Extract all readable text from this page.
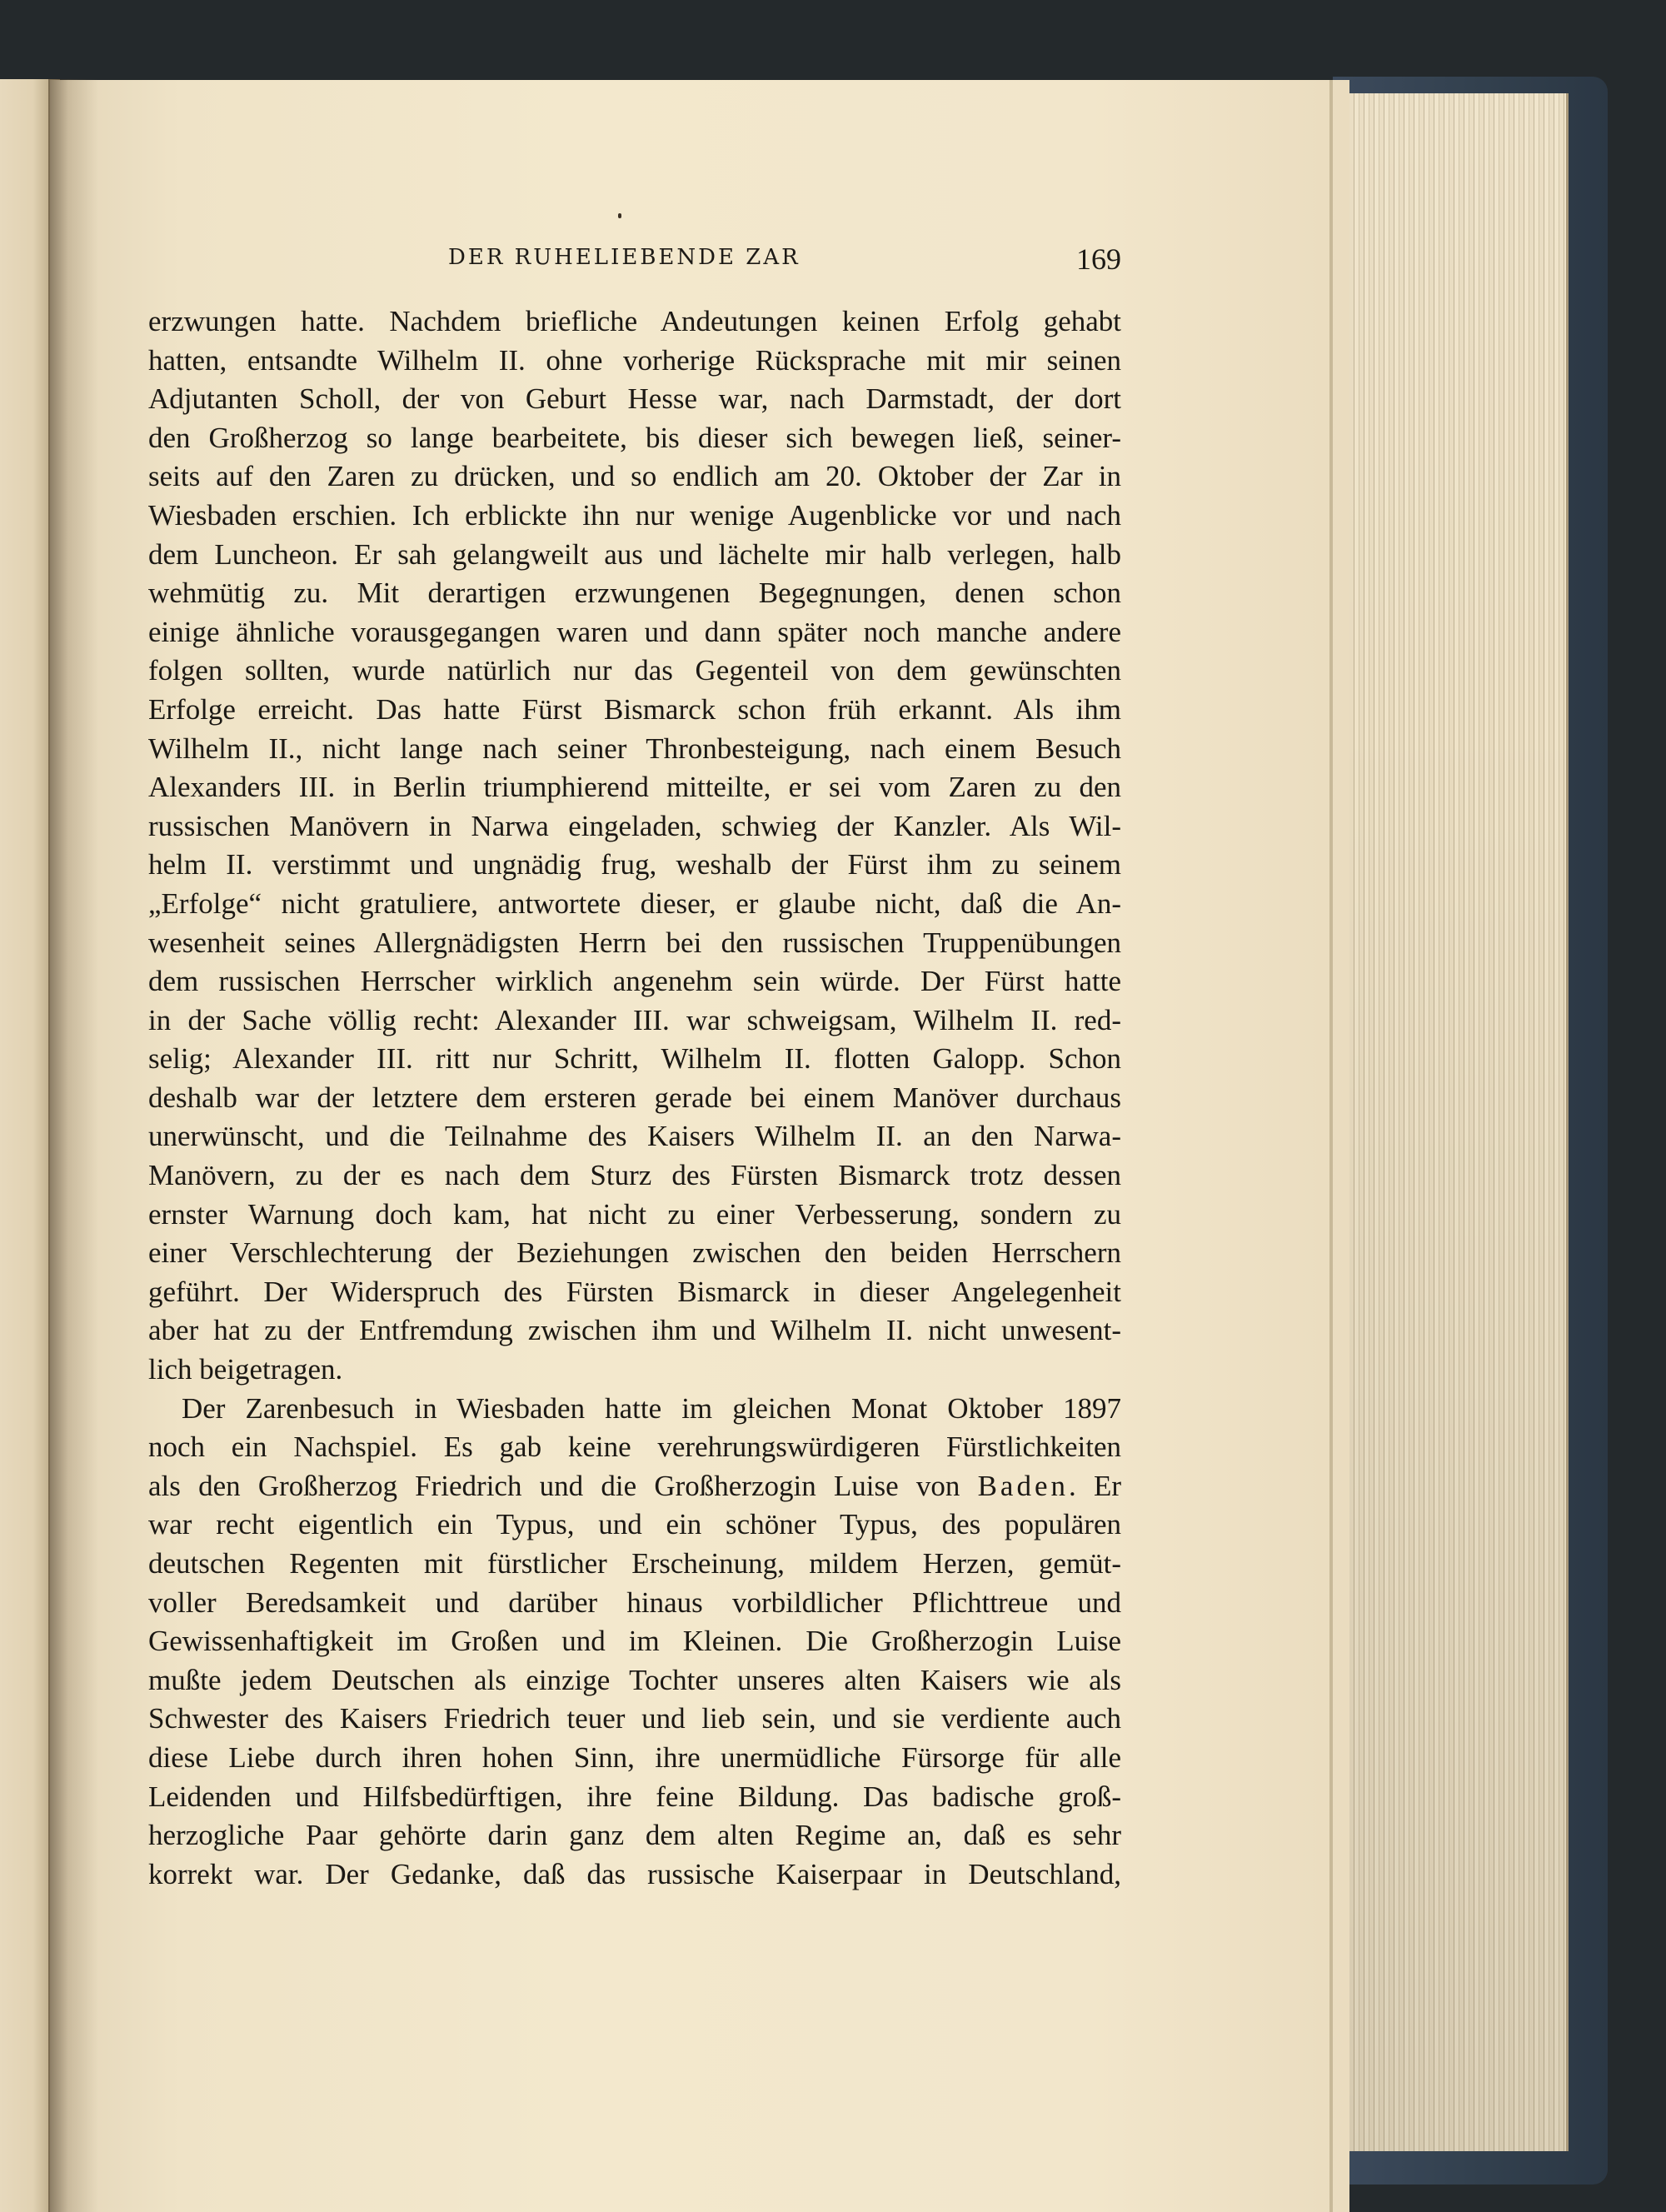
DER RUHELIEBENDE ZAR	169
erzwungen hatte. Nachdem briefliche Andeutungen keinen Erfolg gehabt
hatten, entsandte Wilhelm II. ohne vorherige Rücksprache mit mir seinen
Adjutanten Scholl, der von Geburt Hesse war, nach Darmstadt, der dort
den Großherzog so lange bearbeitete, bis dieser sich bewegen ließ, seiner-
seits auf den Zaren zu drücken, und so endlich am 20. Oktober der Zar in
Wiesbaden erschien. Ich erblickte ihn nur wenige Augenblicke vor und nach
dem Luncheon. Er sah gelangweilt aus und lächelte mir halb verlegen, halb
wehmütig zu. Mit derartigen erzwungenen Begegnungen, denen schon
einige ähnliche vorausgegangen waren und dann später noch manche andere
folgen sollten, wurde natürlich nur das Gegenteil von dem gewünschten
Erfolge erreicht. Das hatte Fürst Bismarck schon früh erkannt. Als ihm
Wilhelm II., nicht lange nach seiner Thronbesteigung, nach einem Besuch
Alexanders III. in Berlin triumphierend mitteilte, er sei vom Zaren zu den
russischen Manövern in Narwa eingeladen, schwieg der Kanzler. Als Wil-
helm II. verstimmt und ungnädig frug, weshalb der Fürst ihm zu seinem
„Erfolge“ nicht gratuliere, antwortete dieser, er glaube nicht, daß die An-
wesenheit seines Allergnädigsten Herrn bei den russischen Truppenübungen
dem russischen Herrscher wirklich angenehm sein würde. Der Fürst hatte
in der Sache völlig recht: Alexander III. war schweigsam, Wilhelm II. red-
selig; Alexander III. ritt nur Schritt, Wilhelm II. flotten Galopp. Schon
deshalb war der letztere dem ersteren gerade bei einem Manöver durchaus
unerwünscht, und die Teilnahme des Kaisers Wilhelm II. an den Narwa-
Manövern, zu der es nach dem Sturz des Fürsten Bismarck trotz dessen
ernster Warnung doch kam, hat nicht zu einer Verbesserung, sondern zu
einer Verschlechterung der Beziehungen zwischen den beiden Herrschern
geführt. Der Widerspruch des Fürsten Bismarck in dieser Angelegenheit
aber hat zu der Entfremdung zwischen ihm und Wilhelm II. nicht unwesent-
lich beigetragen.
Der Zarenbesuch in Wiesbaden hatte im gleichen Monat Oktober 1897
noch ein Nachspiel. Es gab keine verehrungswürdigeren Fürstlichkeiten
als den Großherzog Friedrich und die Großherzogin Luise von Baden. Er
war recht eigentlich ein Typus, und ein schöner Typus, des populären
deutschen Regenten mit fürstlicher Erscheinung, mildem Herzen, gemüt-
voller Beredsamkeit und darüber hinaus vorbildlicher Pflichttreue und
Gewissenhaftigkeit im Großen und im Kleinen. Die Großherzogin Luise
mußte jedem Deutschen als einzige Tochter unseres alten Kaisers wie als
Schwester des Kaisers Friedrich teuer und lieb sein, und sie verdiente auch
diese Liebe durch ihren hohen Sinn, ihre unermüdliche Fürsorge für alle
Leidenden und Hilfsbedürftigen, ihre feine Bildung. Das badische groß-
herzogliche Paar gehörte darin ganz dem alten Regime an, daß es sehr
korrekt war. Der Gedanke, daß das russische Kaiserpaar in Deutschland,
